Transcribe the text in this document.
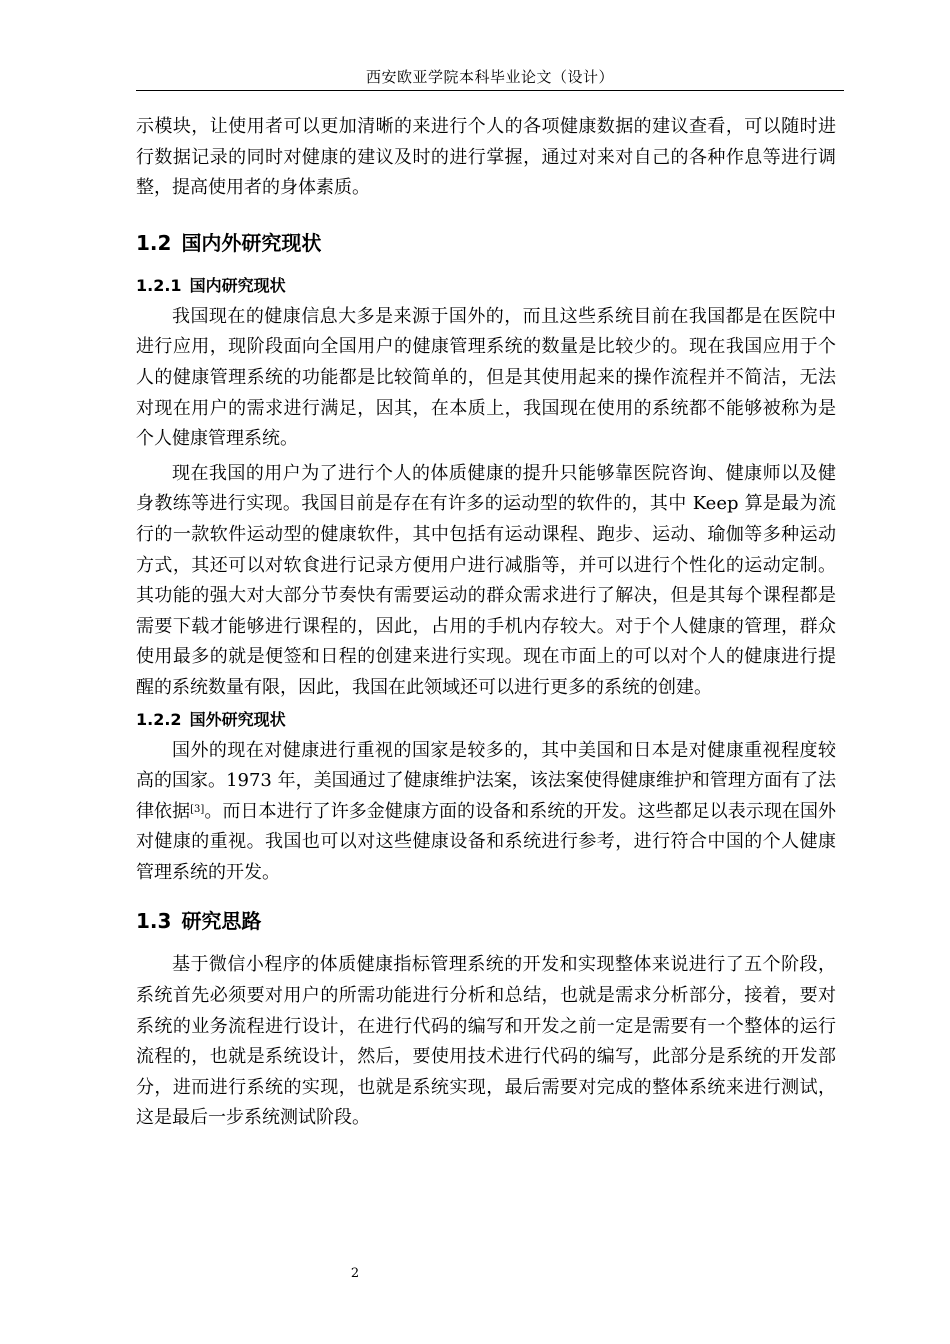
西安欧亚学院本科毕业论文（设计）

示模块，让使用者可以更加清晰的来进行个人的各项健康数据的建议查看，可以随时进行数据记录的同时对健康的建议及时的进行掌握，通过对来对自己的各种作息等进行调整，提高使用者的身体素质。

1.2 国内外研究现状
1.2.1 国内研究现状

我国现在的健康信息大多是来源于国外的，而且这些系统目前在我国都是在医院中进行应用，现阶段面向全国用户的健康管理系统的数量是比较少的。现在我国应用于个人的健康管理系统的功能都是比较简单的，但是其使用起来的操作流程并不简洁，无法对现在用户的需求进行满足，因其，在本质上，我国现在使用的系统都不能够被称为是个人健康管理系统。

现在我国的用户为了进行个人的体质健康的提升只能够靠医院咨询、健康师以及健身教练等进行实现。我国目前是存在有许多的运动型的软件的，其中 Keep 算是最为流行的一款软件运动型的健康软件，其中包括有运动课程、跑步、运动、瑜伽等多种运动方式，其还可以对软食进行记录方便用户进行减脂等，并可以进行个性化的运动定制。其功能的强大对大部分节奏快有需要运动的群众需求进行了解决，但是其每个课程都是需要下载才能够进行课程的，因此，占用的手机内存较大。对于个人健康的管理，群众使用最多的就是便签和日程的创建来进行实现。现在市面上的可以对个人的健康进行提醒的系统数量有限，因此，我国在此领域还可以进行更多的系统的创建。

1.2.2 国外研究现状

国外的现在对健康进行重视的国家是较多的，其中美国和日本是对健康重视程度较高的国家。1973 年，美国通过了健康维护法案，该法案使得健康维护和管理方面有了法律依据[3]。而日本进行了许多金健康方面的设备和系统的开发。这些都足以表示现在国外对健康的重视。我国也可以对这些健康设备和系统进行参考，进行符合中国的个人健康管理系统的开发。

1.3 研究思路

基于微信小程序的体质健康指标管理系统的开发和实现整体来说进行了五个阶段，系统首先必须要对用户的所需功能进行分析和总结，也就是需求分析部分，接着，要对系统的业务流程进行设计，在进行代码的编写和开发之前一定是需要有一个整体的运行流程的，也就是系统设计，然后，要使用技术进行代码的编写，此部分是系统的开发部分，进而进行系统的实现，也就是系统实现，最后需要对完成的整体系统来进行测试，这是最后一步系统测试阶段。

2
